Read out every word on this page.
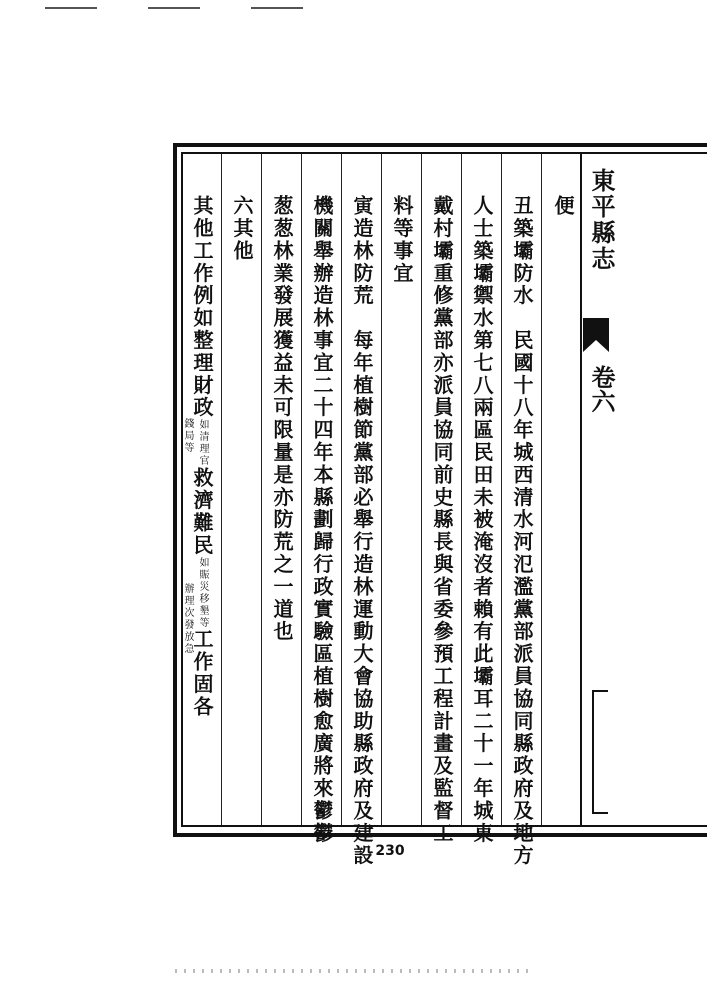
東平縣志
卷六
便
丑築壩防水　民國十八年城西清水河氾濫黨部派員協同縣政府及地方
人士築壩禦水第七八兩區民田未被淹沒者賴有此壩耳二十一年城東
戴村壩重修黨部亦派員協同前史縣長與省委參預工程計畫及監督工
料等事宜
寅造林防荒　每年植樹節黨部必舉行造林運動大會協助縣政府及建設
機關舉辦造林事宜二十四年本縣劃歸行政實驗區植樹愈廣將來鬱鬱
葱葱林業發展獲益未可限量是亦防荒之一道也
六其他
其他工作例如整理財政如清理官救濟難民如賑災移墾等工作固各
錢局等
辦理次發放急
230
